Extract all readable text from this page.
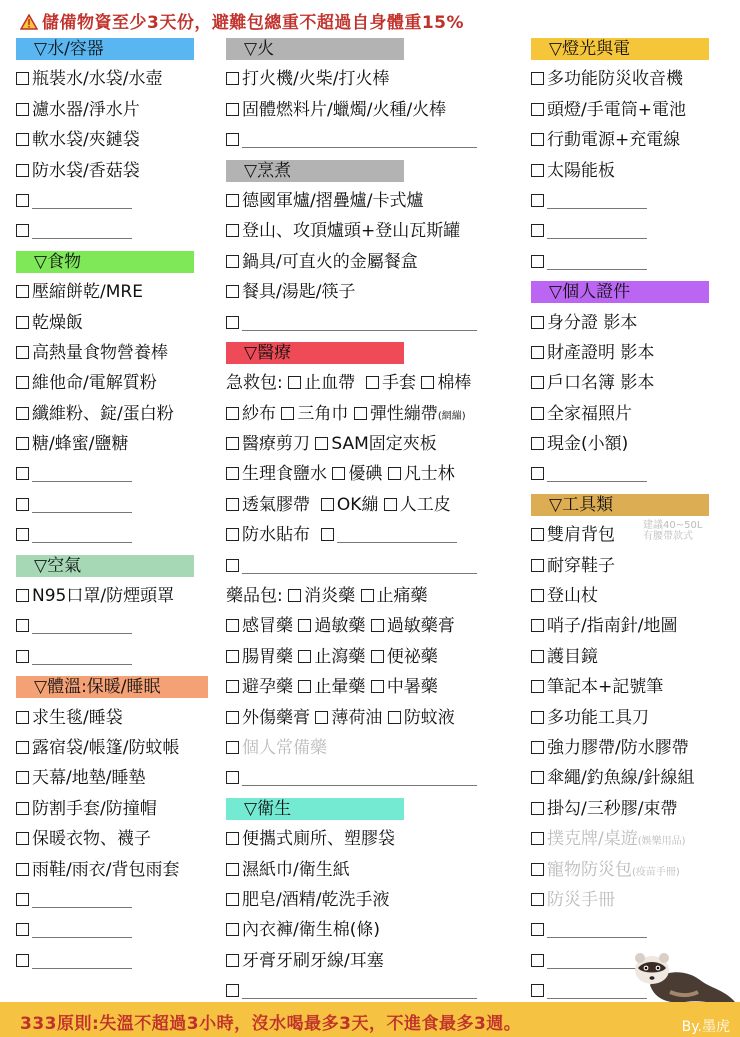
儲備物資至少3天份，避難包總重不超過自身體重15%
▽水/容器
瓶裝水/水袋/水壺
濾水器/淨水片
軟水袋/夾鏈袋
防水袋/香菇袋
▽食物
壓縮餅乾/MRE
乾燥飯
高熱量食物營養棒
維他命/電解質粉
纖維粉、錠/蛋白粉
糖/蜂蜜/鹽糖
▽空氣
N95口罩/防煙頭罩
▽體溫:保暖/睡眠
求生毯/睡袋
露宿袋/帳篷/防蚊帳
天幕/地墊/睡墊
防割手套/防撞帽
保暖衣物、襪子
雨鞋/雨衣/背包雨套
▽火
打火機/火柴/打火棒
固體燃料片/蠟燭/火種/火棒
▽烹煮
德國軍爐/摺疊爐/卡式爐
登山、攻頂爐頭+登山瓦斯罐
鍋具/可直火的金屬餐盒
餐具/湯匙/筷子
▽醫療
急救包: 止血帶 手套 棉棒
紗布 三角巾 彈性繃帶(網繃)
醫療剪刀 SAM固定夾板
生理食鹽水 優碘 凡士林
透氣膠帶 OK繃 人工皮
防水貼布
藥品包: 消炎藥 止痛藥
感冒藥 過敏藥 過敏藥膏
腸胃藥 止瀉藥 便祕藥
避孕藥 止暈藥 中暑藥
外傷藥膏 薄荷油 防蚊液
個人常備藥
▽衛生
便攜式廁所、塑膠袋
濕紙巾/衛生紙
肥皂/酒精/乾洗手液
內衣褲/衛生棉(條)
牙膏牙刷牙線/耳塞
▽燈光與電
多功能防災收音機
頭燈/手電筒+電池
行動電源+充電線
太陽能板
▽個人證件
身分證 影本
財產證明 影本
戶口名簿 影本
全家福照片
現金(小額)
▽工具類
雙肩背包	建議40~50L
有腰帶款式
耐穿鞋子
登山杖
哨子/指南針/地圖
護目鏡
筆記本+記號筆
多功能工具刀
強力膠帶/防水膠帶
傘繩/釣魚線/針線組
掛勾/三秒膠/束帶
撲克牌/桌遊(娛樂用品)
寵物防災包(疫苗手冊)
防災手冊
333原則:失溫不超過3小時，沒水喝最多3天，不進食最多3週。	By.墨虎
